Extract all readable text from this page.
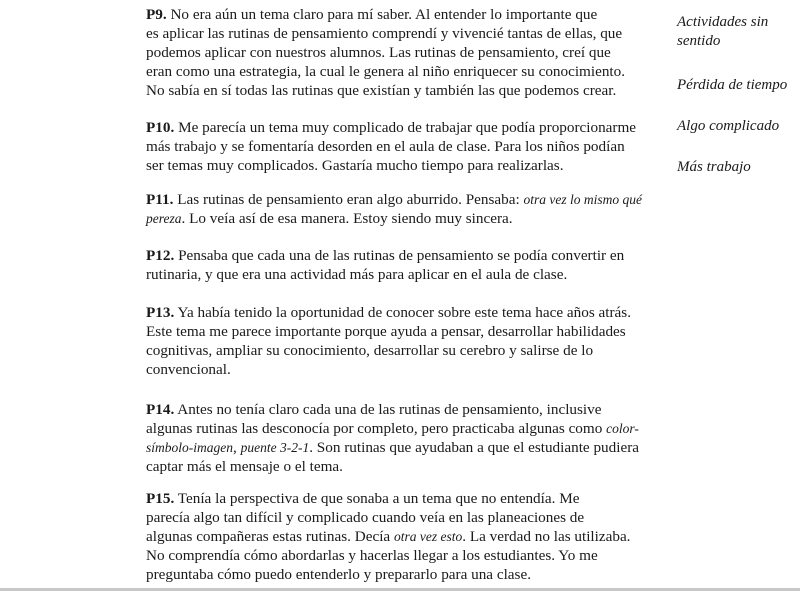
P9. No era aún un tema claro para mí saber. Al entender lo importante que
es aplicar las rutinas de pensamiento comprendí y vivencié tantas de ellas, que
podemos aplicar con nuestros alumnos. Las rutinas de pensamiento, creí que
eran como una estrategia, la cual le genera al niño enriquecer su conocimiento.
No sabía en sí todas las rutinas que existían y también las que podemos crear.
P10. Me parecía un tema muy complicado de trabajar que podía proporcionarme
más trabajo y se fomentaría desorden en el aula de clase. Para los niños podían
ser temas muy complicados. Gastaría mucho tiempo para realizarlas.
P11. Las rutinas de pensamiento eran algo aburrido. Pensaba: otra vez lo mismo qué
pereza. Lo veía así de esa manera. Estoy siendo muy sincera.
P12. Pensaba que cada una de las rutinas de pensamiento se podía convertir en
rutinaria, y que era una actividad más para aplicar en el aula de clase.
P13. Ya había tenido la oportunidad de conocer sobre este tema hace años atrás.
Este tema me parece importante porque ayuda a pensar, desarrollar habilidades
cognitivas, ampliar su conocimiento, desarrollar su cerebro y salirse de lo
convencional.
P14. Antes no tenía claro cada una de las rutinas de pensamiento, inclusive
algunas rutinas las desconocía por completo, pero practicaba algunas como color-
símbolo-imagen, puente 3-2-1. Son rutinas que ayudaban a que el estudiante pudiera
captar más el mensaje o el tema.
P15. Tenía la perspectiva de que sonaba a un tema que no entendía. Me
parecía algo tan difícil y complicado cuando veía en las planeaciones de
algunas compañeras estas rutinas. Decía otra vez esto. La verdad no las utilizaba.
No comprendía cómo abordarlas y hacerlas llegar a los estudiantes. Yo me
preguntaba cómo puedo entenderlo y prepararlo para una clase.
Actividades sin
sentido
Pérdida de tiempo
Algo complicado
Más trabajo
